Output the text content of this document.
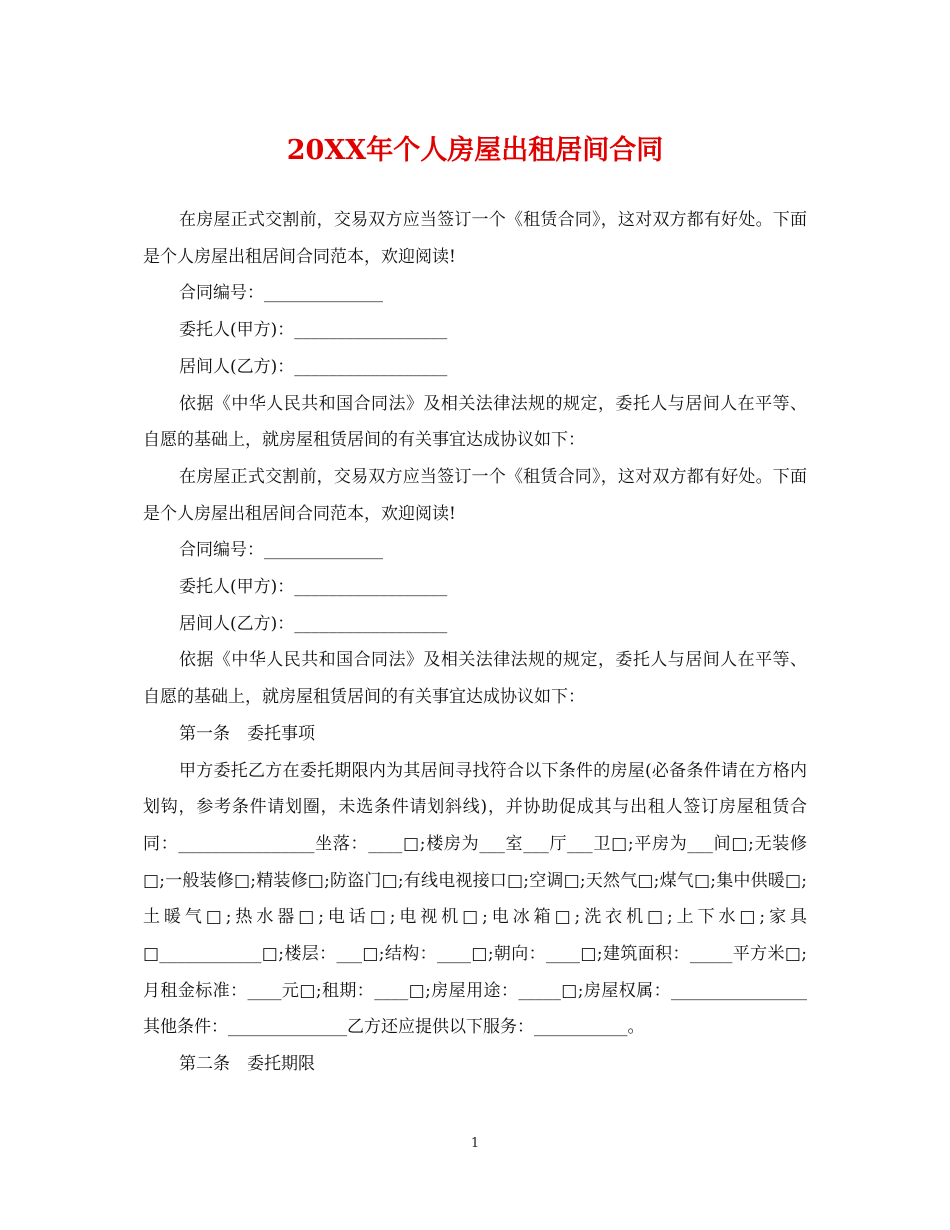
20XX年个人房屋出租居间合同

在房屋正式交割前，交易双方应当签订一个《租赁合同》，这对双方都有好处。下面是个人房屋出租居间合同范本，欢迎阅读!

合同编号：______________

委托人(甲方)：__________________

居间人(乙方)：__________________

依据《中华人民共和国合同法》及相关法律法规的规定，委托人与居间人在平等、自愿的基础上，就房屋租赁居间的有关事宜达成协议如下：

在房屋正式交割前，交易双方应当签订一个《租赁合同》，这对双方都有好处。下面是个人房屋出租居间合同范本，欢迎阅读!

合同编号：______________

委托人(甲方)：__________________

居间人(乙方)：__________________

依据《中华人民共和国合同法》及相关法律法规的规定，委托人与居间人在平等、自愿的基础上，就房屋租赁居间的有关事宜达成协议如下：

第一条　委托事项

甲方委托乙方在委托期限内为其居间寻找符合以下条件的房屋(必备条件请在方格内划钩，参考条件请划圈，未选条件请划斜线)，并协助促成其与出租人签订房屋租赁合同：________________坐落：____□;楼房为___室___厅___卫□;平房为___间□;无装修□;一般装修□;精装修□;防盗门□;有线电视接口□;空调□;天然气□;煤气□;集中供暖□;土暖气□;热水器□;电话□;电视机□;电冰箱□;洗衣机□;上下水□;家具□____________□;楼层：___□;结构：____□;朝向：____□;建筑面积：_____平方米□;月租金标准：____元□;租期：____□;房屋用途：_____□;房屋权属：________________其他条件：______________乙方还应提供以下服务：___________。

第二条　委托期限

1
